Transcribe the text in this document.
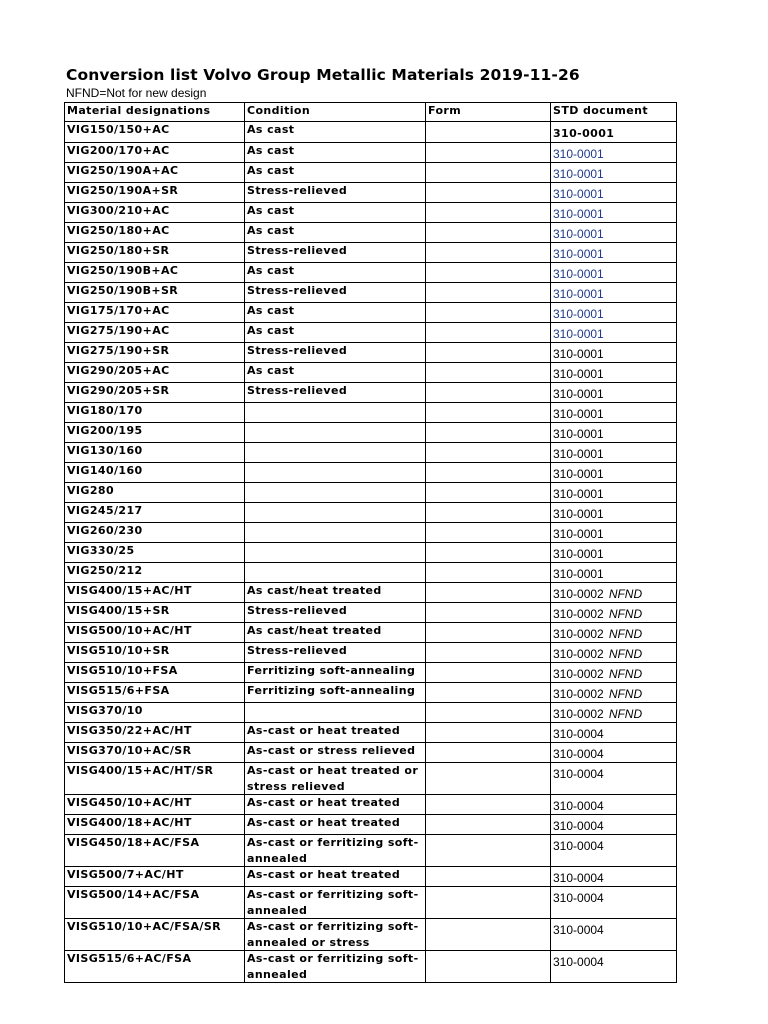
Conversion list Volvo Group Metallic Materials 2019-11-26
NFND=Not for new design
Material designations	Condition	Form	STD document
VIG150/150+AC	As cast		310-0001
VIG200/170+AC	As cast		310-0001
VIG250/190A+AC	As cast		310-0001
VIG250/190A+SR	Stress-relieved		310-0001
VIG300/210+AC	As cast		310-0001
VIG250/180+AC	As cast		310-0001
VIG250/180+SR	Stress-relieved		310-0001
VIG250/190B+AC	As cast		310-0001
VIG250/190B+SR	Stress-relieved		310-0001
VIG175/170+AC	As cast		310-0001
VIG275/190+AC	As cast		310-0001
VIG275/190+SR	Stress-relieved		310-0001
VIG290/205+AC	As cast		310-0001
VIG290/205+SR	Stress-relieved		310-0001
VIG180/170			310-0001
VIG200/195			310-0001
VIG130/160			310-0001
VIG140/160			310-0001
VIG280			310-0001
VIG245/217			310-0001
VIG260/230			310-0001
VIG330/25			310-0001
VIG250/212			310-0001
VISG400/15+AC/HT	As cast/heat treated		310-0002 NFND
VISG400/15+SR	Stress-relieved		310-0002 NFND
VISG500/10+AC/HT	As cast/heat treated		310-0002 NFND
VISG510/10+SR	Stress-relieved		310-0002 NFND
VISG510/10+FSA	Ferritizing soft-annealing		310-0002 NFND
VISG515/6+FSA	Ferritizing soft-annealing		310-0002 NFND
VISG370/10			310-0002 NFND
VISG350/22+AC/HT	As-cast or heat treated		310-0004
VISG370/10+AC/SR	As-cast or stress relieved		310-0004
VISG400/15+AC/HT/SR	As-cast or heat treated or stress relieved		310-0004
VISG450/10+AC/HT	As-cast or heat treated		310-0004
VISG400/18+AC/HT	As-cast or heat treated		310-0004
VISG450/18+AC/FSA	As-cast or ferritizing soft-annealed		310-0004
VISG500/7+AC/HT	As-cast or heat treated		310-0004
VISG500/14+AC/FSA	As-cast or ferritizing soft-annealed		310-0004
VISG510/10+AC/FSA/SR	As-cast or ferritizing soft-annealed or stress		310-0004
VISG515/6+AC/FSA	As-cast or ferritizing soft-annealed		310-0004
